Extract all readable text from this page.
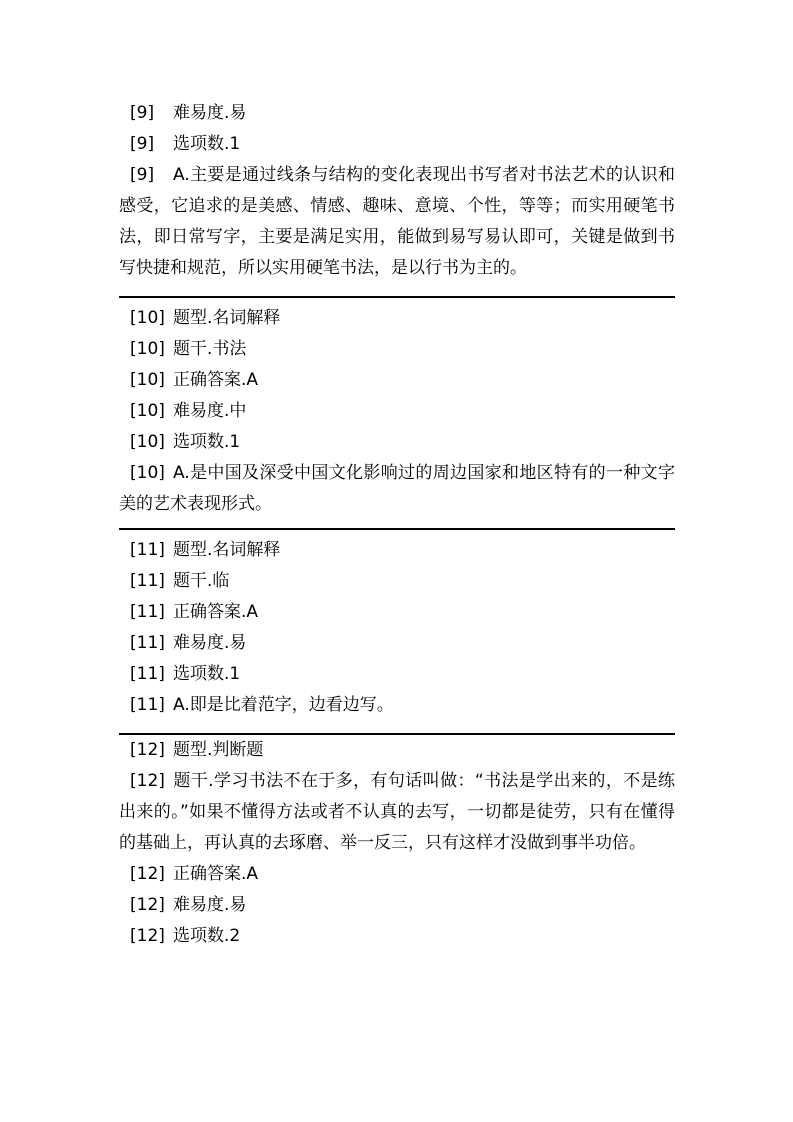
[9] 难易度.易
[9] 选项数.1
[9] A.主要是通过线条与结构的变化表现出书写者对书法艺术的认识和感受，它追求的是美感、情感、趣味、意境、个性，等等；而实用硬笔书法，即日常写字，主要是满足实用，能做到易写易认即可，关键是做到书写快捷和规范，所以实用硬笔书法，是以行书为主的。
[10] 题型.名词解释
[10] 题干.书法
[10] 正确答案.A
[10] 难易度.中
[10] 选项数.1
[10] A.是中国及深受中国文化影响过的周边国家和地区特有的一种文字美的艺术表现形式。
[11] 题型.名词解释
[11] 题干.临
[11] 正确答案.A
[11] 难易度.易
[11] 选项数.1
[11] A.即是比着范字，边看边写。
[12] 题型.判断题
[12] 题干.学习书法不在于多，有句话叫做：“书法是学出来的，不是练出来的。”如果不懂得方法或者不认真的去写，一切都是徒劳，只有在懂得的基础上，再认真的去琢磨、举一反三，只有这样才没做到事半功倍。
[12] 正确答案.A
[12] 难易度.易
[12] 选项数.2
